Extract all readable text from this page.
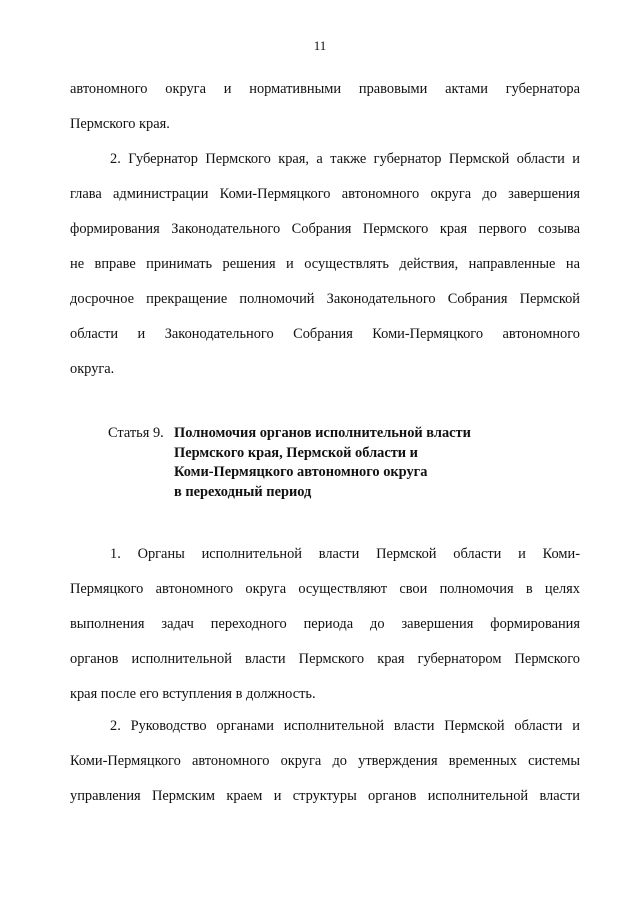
11
автономного округа и нормативными правовыми актами губернатора
Пермского края.
2. Губернатор Пермского края, а также губернатор Пермской области и
глава администрации Коми-Пермяцкого автономного округа до завершения
формирования Законодательного Собрания Пермского края первого созыва
не вправе принимать решения и осуществлять действия, направленные на
досрочное прекращение полномочий Законодательного Собрания Пермской
области и Законодательного Собрания Коми-Пермяцкого автономного
округа.
Статья 9. Полномочия органов исполнительной власти
Пермского края, Пермской области и
Коми-Пермяцкого автономного округа
в переходный период
1. Органы исполнительной власти Пермской области и Коми-
Пермяцкого автономного округа осуществляют свои полномочия в целях
выполнения задач переходного периода до завершения формирования
органов исполнительной власти Пермского края губернатором Пермского
края после его вступления в должность.
2. Руководство органами исполнительной власти Пермской области и
Коми-Пермяцкого автономного округа до утверждения временных системы
управления Пермским краем и структуры органов исполнительной власти
